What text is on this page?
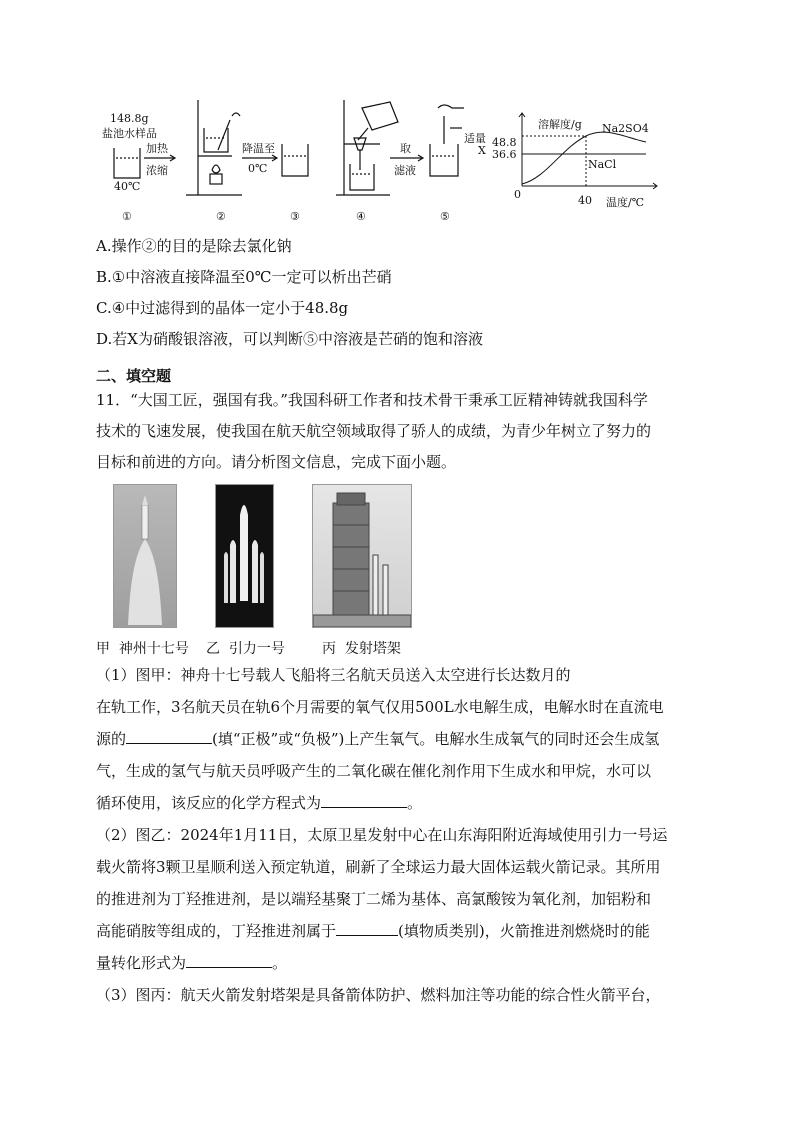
148.8g
盐池水样品
40℃
加热
浓缩
降温至
0℃
取
滤液
适量
X
①	②	③	④	⑤
溶解度/g
48.8
36.6
Na2SO4
NaCl
0	40 温度/℃
A.操作②的目的是除去氯化钠
B.①中溶液直接降温至0℃一定可以析出芒硝
C.④中过滤得到的晶体一定小于48.8g
D.若X为硝酸银溶液，可以判断⑤中溶液是芒硝的饱和溶液
二、填空题
11．“大国工匠，强国有我。”我国科研工作者和技术骨干秉承工匠精神铸就我国科学
技术的飞速发展，使我国在航天航空领域取得了骄人的成绩，为青少年树立了努力的
目标和前进的方向。请分析图文信息，完成下面小题。
甲  神州十七号 乙  引力一号	丙  发射塔架
（1）图甲：神舟十七号载人飞船将三名航天员送入太空进行长达数月的
在轨工作，3名航天员在轨6个月需要的氧气仅用500L水电解生成，电解水时在直流电
源的	(填“正极”或“负极”)上产生氧气。电解水生成氧气的同时还会生成氢
气，生成的氢气与航天员呼吸产生的二氧化碳在催化剂作用下生成水和甲烷，水可以
循环使用，该反应的化学方程式为	。
（2）图乙：2024年1月11日，太原卫星发射中心在山东海阳附近海域使用引力一号运
载火箭将3颗卫星顺利送入预定轨道，刷新了全球运力最大固体运载火箭记录。其所用
的推进剂为丁羟推进剂，是以端羟基聚丁二烯为基体、高氯酸铵为氧化剂，加铝粉和
高能硝胺等组成的，丁羟推进剂属于	(填物质类别)，火箭推进剂燃烧时的能
量转化形式为	。
（3）图丙：航天火箭发射塔架是具备箭体防护、燃料加注等功能的综合性火箭平台，
